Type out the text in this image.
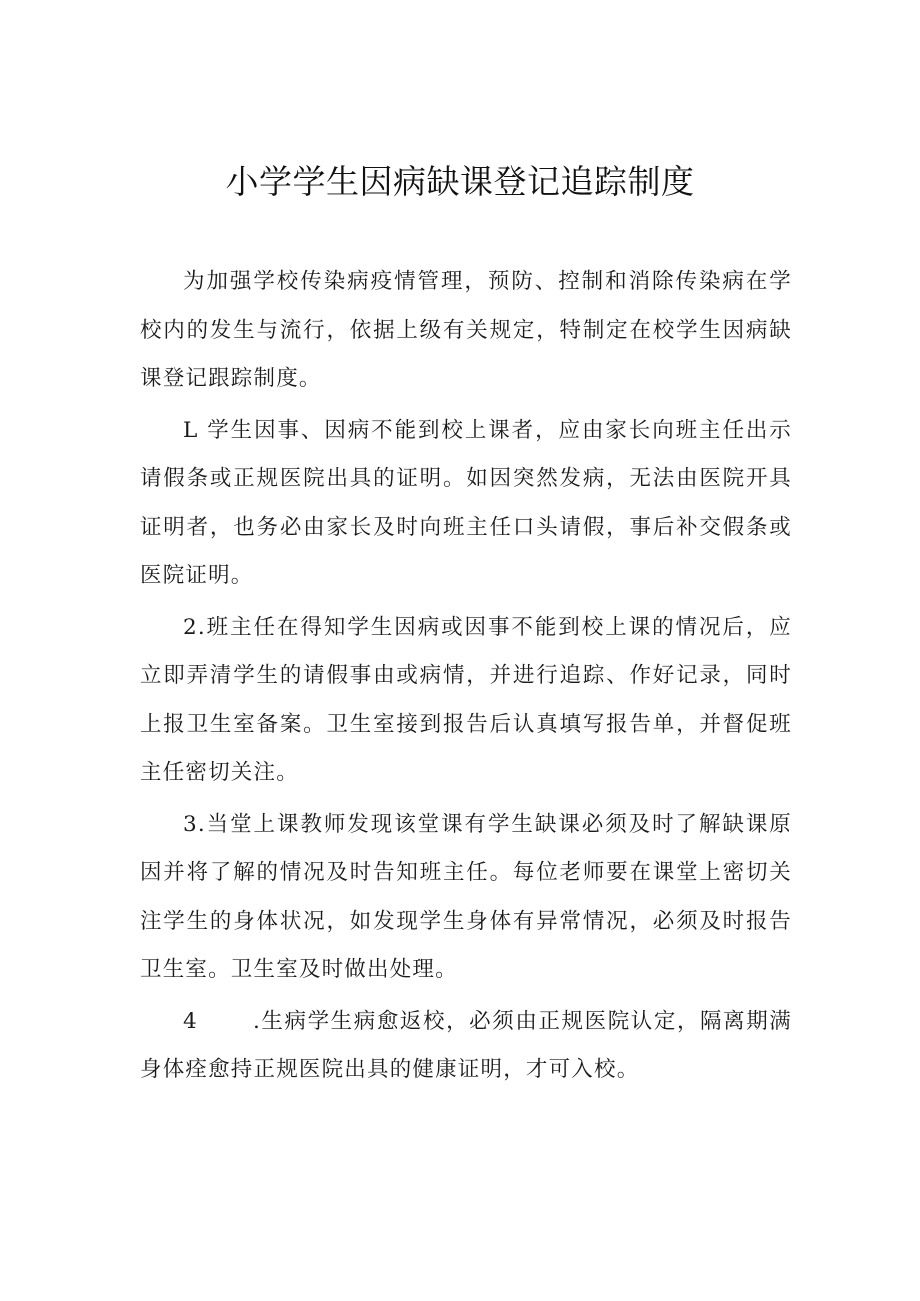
小学学生因病缺课登记追踪制度

为加强学校传染病疫情管理，预防、控制和消除传染病在学校内的发生与流行，依据上级有关规定，特制定在校学生因病缺课登记跟踪制度。

L 学生因事、因病不能到校上课者，应由家长向班主任出示请假条或正规医院出具的证明。如因突然发病，无法由医院开具证明者，也务必由家长及时向班主任口头请假，事后补交假条或医院证明。

2.班主任在得知学生因病或因事不能到校上课的情况后，应立即弄清学生的请假事由或病情，并进行追踪、作好记录，同时上报卫生室备案。卫生室接到报告后认真填写报告单，并督促班主任密切关注。

3.当堂上课教师发现该堂课有学生缺课必须及时了解缺课原因并将了解的情况及时告知班主任。每位老师要在课堂上密切关注学生的身体状况，如发现学生身体有异常情况，必须及时报告卫生室。卫生室及时做出处理。

4	.生病学生病愈返校，必须由正规医院认定，隔离期满身体痊愈持正规医院出具的健康证明，才可入校。
